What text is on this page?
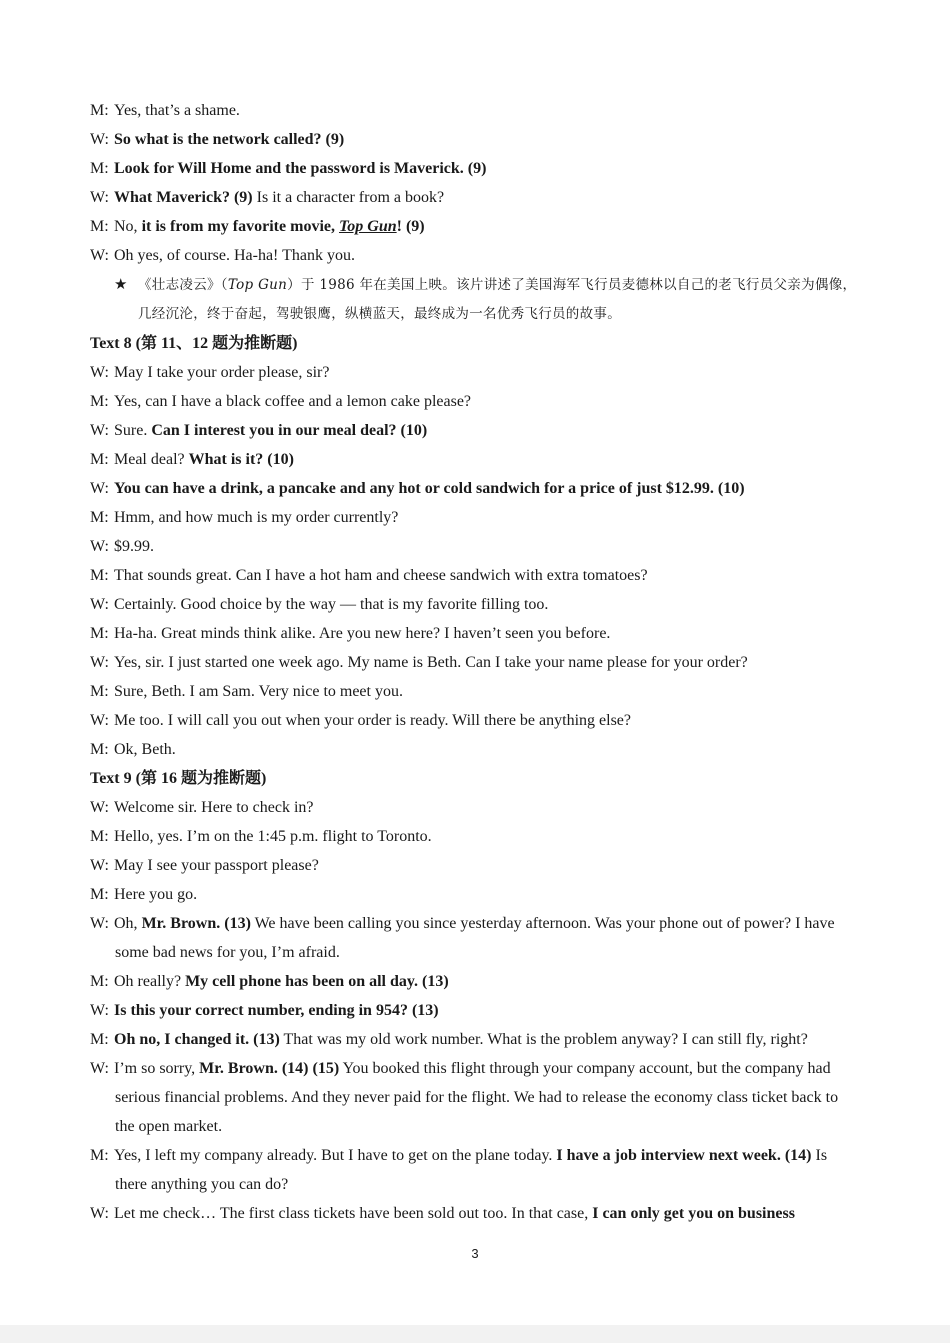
M: Yes, that’s a shame.
W: So what is the network called? (9)
M: Look for Will Home and the password is Maverick. (9)
W: What Maverick? (9) Is it a character from a book?
M: No, it is from my favorite movie, Top Gun! (9)
W: Oh yes, of course. Ha-ha! Thank you.
★ 《壮志凌云》（Top Gun）于 1986 年在美国上映。该片讲述了美国海军飞行员麦德林以自己的老飞行员父亲为偶像，
几经沉沦，终于奋起，驾驶银鹰，纵横蓝天，最终成为一名优秀飞行员的故事。
Text 8 (第 11、12 题为推断题)
W: May I take your order please, sir?
M: Yes, can I have a black coffee and a lemon cake please?
W: Sure. Can I interest you in our meal deal? (10)
M: Meal deal? What is it? (10)
W: You can have a drink, a pancake and any hot or cold sandwich for a price of just $12.99. (10)
M: Hmm, and how much is my order currently?
W: $9.99.
M: That sounds great. Can I have a hot ham and cheese sandwich with extra tomatoes?
W: Certainly. Good choice by the way — that is my favorite filling too.
M: Ha-ha. Great minds think alike. Are you new here? I haven’t seen you before.
W: Yes, sir. I just started one week ago. My name is Beth. Can I take your name please for your order?
M: Sure, Beth. I am Sam. Very nice to meet you.
W: Me too. I will call you out when your order is ready. Will there be anything else?
M: Ok, Beth.
Text 9 (第 16 题为推断题)
W: Welcome sir. Here to check in?
M: Hello, yes. I’m on the 1:45 p.m. flight to Toronto.
W: May I see your passport please?
M: Here you go.
W: Oh, Mr. Brown. (13) We have been calling you since yesterday afternoon. Was your phone out of power? I have some bad news for you, I’m afraid.
M: Oh really? My cell phone has been on all day. (13)
W: Is this your correct number, ending in 954? (13)
M: Oh no, I changed it. (13) That was my old work number. What is the problem anyway? I can still fly, right?
W: I’m so sorry, Mr. Brown. (14) (15) You booked this flight through your company account, but the company had serious financial problems. And they never paid for the flight. We had to release the economy class ticket back to the open market.
M: Yes, I left my company already. But I have to get on the plane today. I have a job interview next week. (14) Is there anything you can do?
W: Let me check… The first class tickets have been sold out too. In that case, I can only get you on business
3
